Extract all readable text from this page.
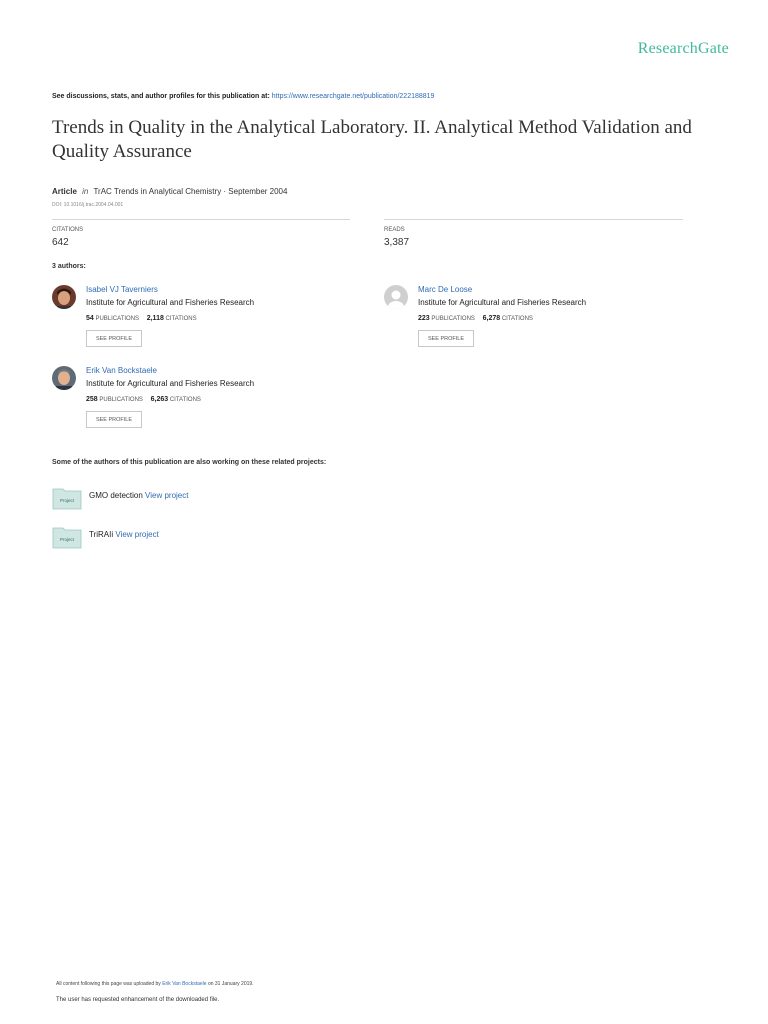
ResearchGate
See discussions, stats, and author profiles for this publication at: https://www.researchgate.net/publication/222188819
Trends in Quality in the Analytical Laboratory. II. Analytical Method Validation and Quality Assurance
Article in TrAC Trends in Analytical Chemistry · September 2004
DOI: 10.1016/j.trac.2004.04.001
CITATIONS
642
READS
3,387
3 authors:
Isabel VJ Taverniers
Institute for Agricultural and Fisheries Research
54 PUBLICATIONS 2,118 CITATIONS
SEE PROFILE
Marc De Loose
Institute for Agricultural and Fisheries Research
223 PUBLICATIONS 6,278 CITATIONS
SEE PROFILE
Erik Van Bockstaele
Institute for Agricultural and Fisheries Research
258 PUBLICATIONS 6,263 CITATIONS
SEE PROFILE
Some of the authors of this publication are also working on these related projects:
Project
GMO detection View project
Project
TriRAIi View project
All content following this page was uploaded by Erik Van Bockstaele on 31 January 2019.
The user has requested enhancement of the downloaded file.
